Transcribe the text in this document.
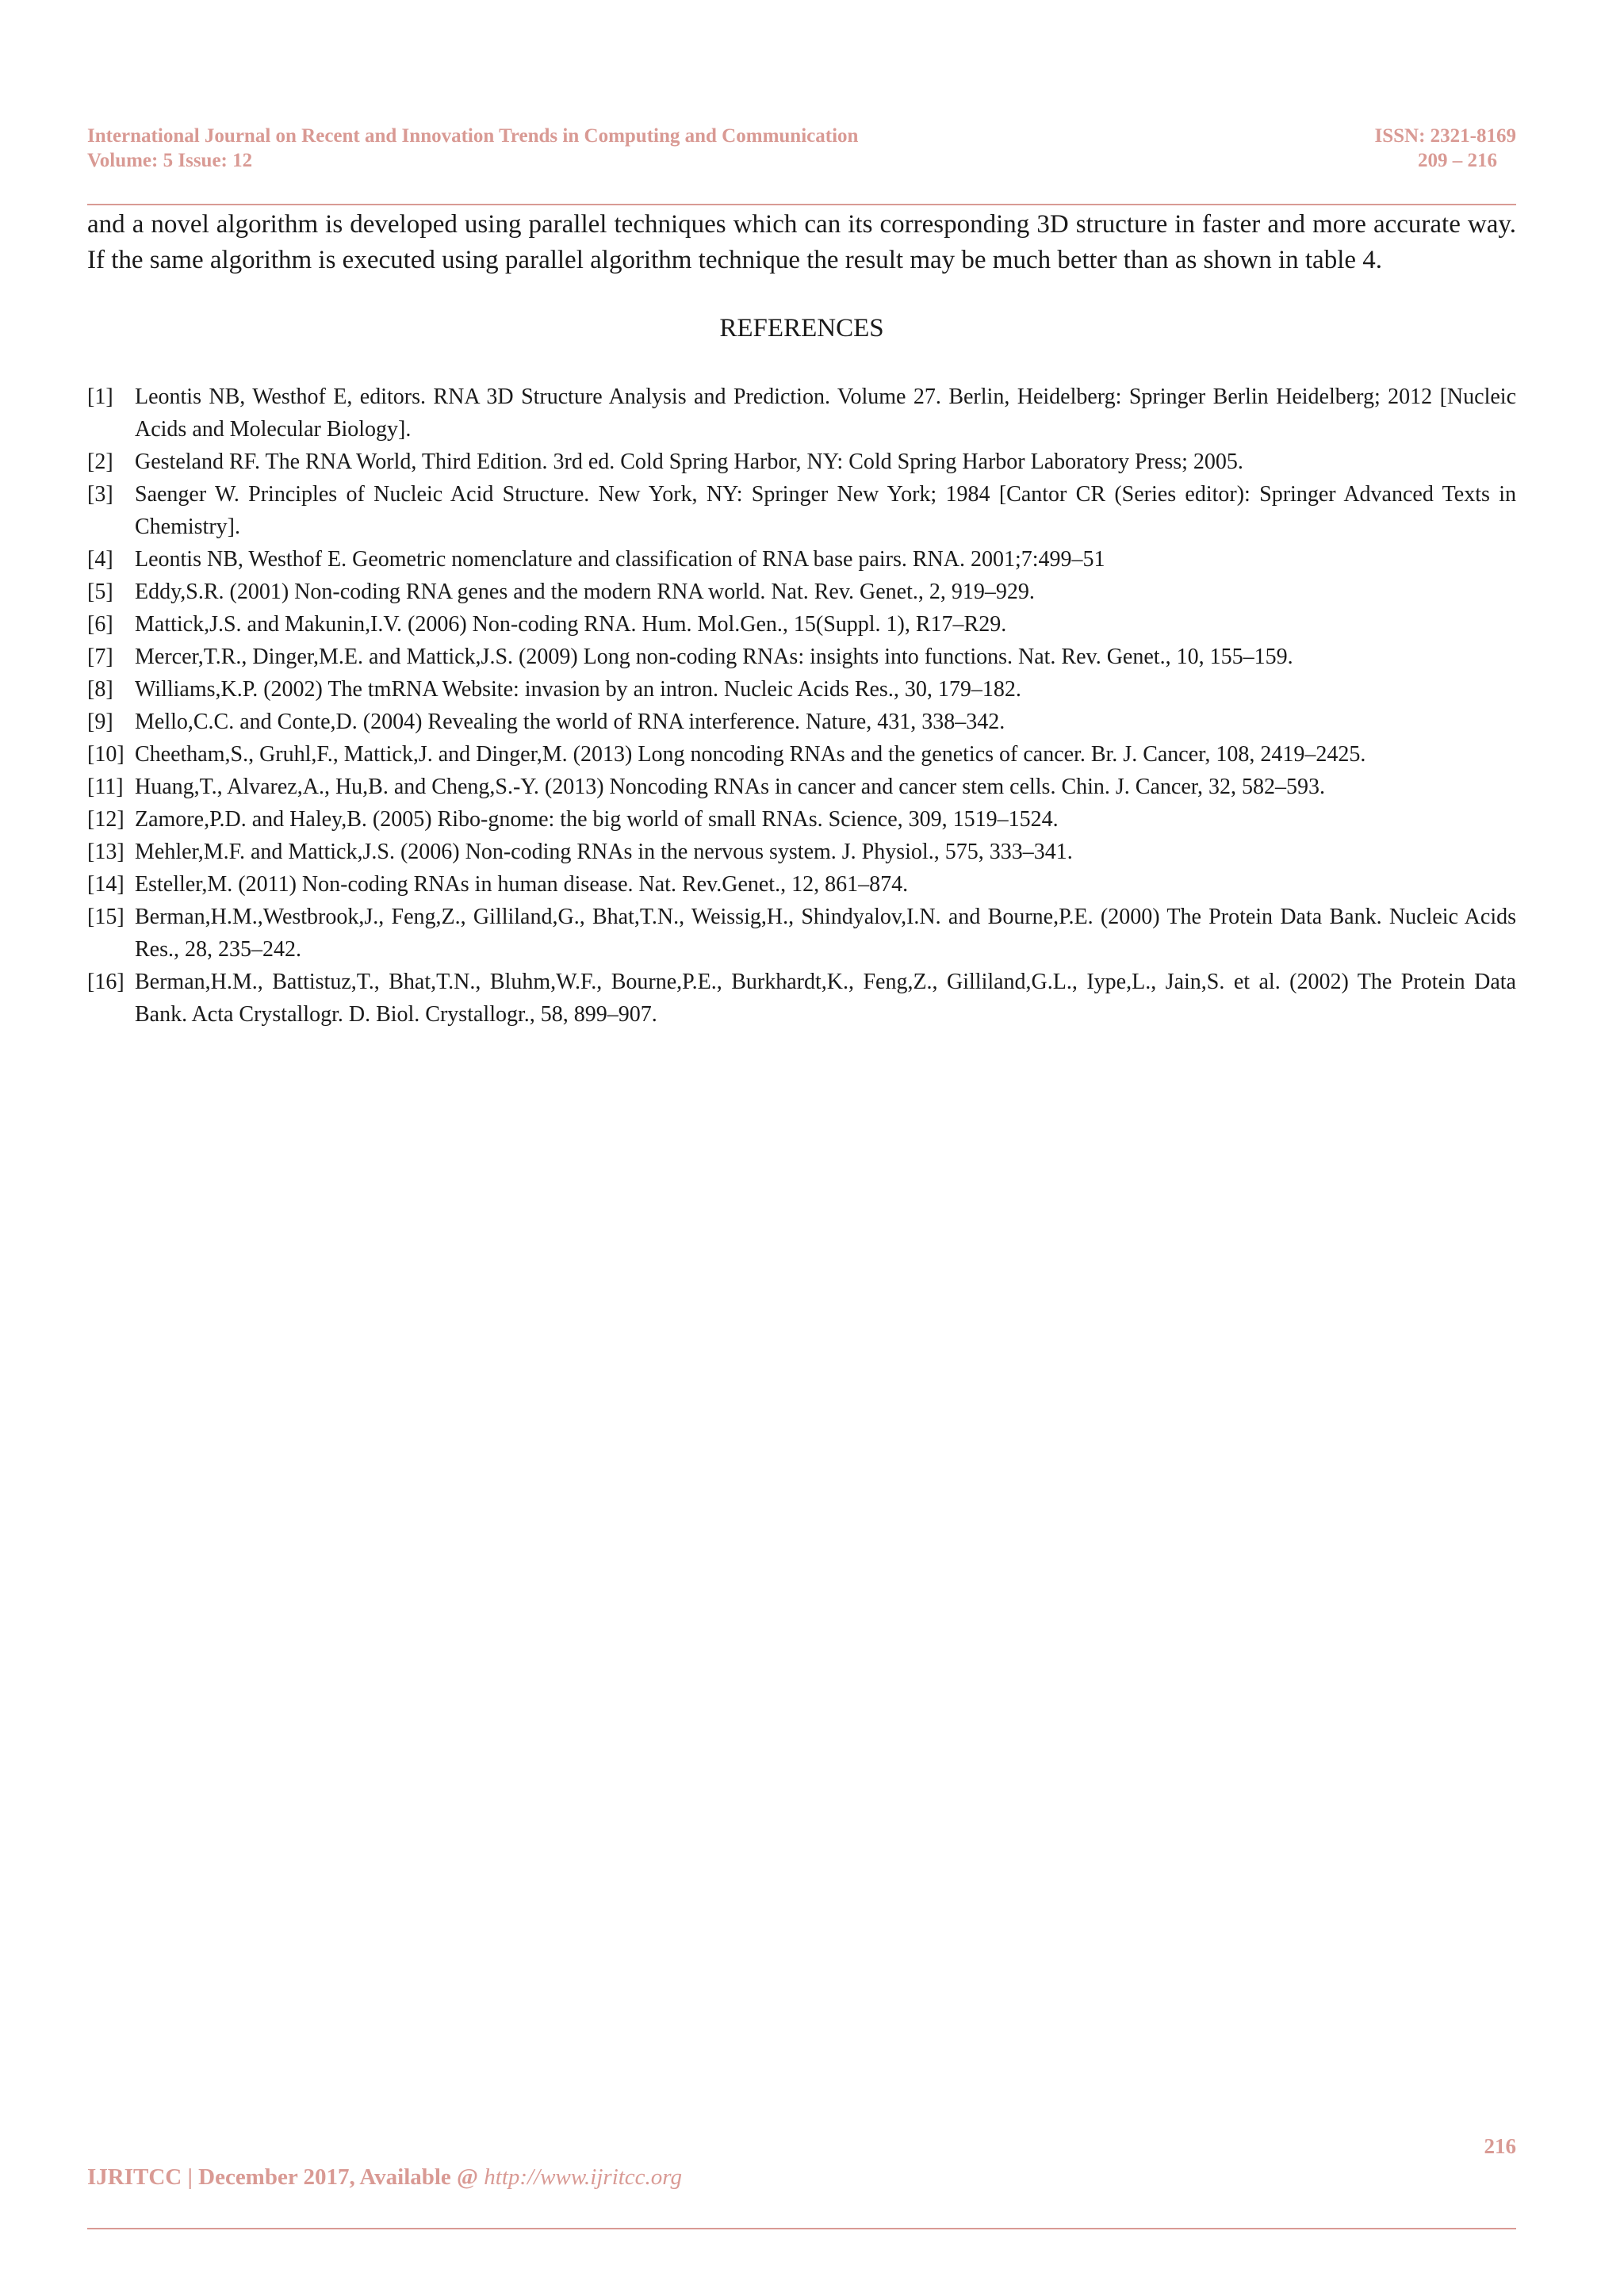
International Journal on Recent and Innovation Trends in Computing and Communication	ISSN: 2321-8169
Volume: 5 Issue: 12	209 – 216

and a novel algorithm is developed using parallel techniques which can its corresponding 3D structure in faster and more accurate way. If the same algorithm is executed using parallel algorithm technique the result may be much better than as shown in table 4.

REFERENCES
[1] Leontis NB, Westhof E, editors. RNA 3D Structure Analysis and Prediction. Volume 27. Berlin, Heidelberg: Springer Berlin Heidelberg; 2012 [Nucleic Acids and Molecular Biology].
[2] Gesteland RF. The RNA World, Third Edition. 3rd ed. Cold Spring Harbor, NY: Cold Spring Harbor Laboratory Press; 2005.
[3] Saenger W. Principles of Nucleic Acid Structure. New York, NY: Springer New York; 1984 [Cantor CR (Series editor): Springer Advanced Texts in Chemistry].
[4] Leontis NB, Westhof E. Geometric nomenclature and classification of RNA base pairs. RNA. 2001;7:499–51
[5] Eddy,S.R. (2001) Non-coding RNA genes and the modern RNA world. Nat. Rev. Genet., 2, 919–929.
[6] Mattick,J.S. and Makunin,I.V. (2006) Non-coding RNA. Hum. Mol.Gen., 15(Suppl. 1), R17–R29.
[7] Mercer,T.R., Dinger,M.E. and Mattick,J.S. (2009) Long non-coding RNAs: insights into functions. Nat. Rev. Genet., 10, 155–159.
[8] Williams,K.P. (2002) The tmRNA Website: invasion by an intron. Nucleic Acids Res., 30, 179–182.
[9] Mello,C.C. and Conte,D. (2004) Revealing the world of RNA interference. Nature, 431, 338–342.
[10] Cheetham,S., Gruhl,F., Mattick,J. and Dinger,M. (2013) Long noncoding RNAs and the genetics of cancer. Br. J. Cancer, 108, 2419–2425.
[11] Huang,T., Alvarez,A., Hu,B. and Cheng,S.-Y. (2013) Noncoding RNAs in cancer and cancer stem cells. Chin. J. Cancer, 32, 582–593.
[12] Zamore,P.D. and Haley,B. (2005) Ribo-gnome: the big world of small RNAs. Science, 309, 1519–1524.
[13] Mehler,M.F. and Mattick,J.S. (2006) Non-coding RNAs in the nervous system. J. Physiol., 575, 333–341.
[14] Esteller,M. (2011) Non-coding RNAs in human disease. Nat. Rev.Genet., 12, 861–874.
[15] Berman,H.M.,Westbrook,J., Feng,Z., Gilliland,G., Bhat,T.N., Weissig,H., Shindyalov,I.N. and Bourne,P.E. (2000) The Protein Data Bank. Nucleic Acids Res., 28, 235–242.
[16] Berman,H.M., Battistuz,T., Bhat,T.N., Bluhm,W.F., Bourne,P.E., Burkhardt,K., Feng,Z., Gilliland,G.L., Iype,L., Jain,S. et al. (2002) The Protein Data Bank. Acta Crystallogr. D. Biol. Crystallogr., 58, 899–907.
216
IJRITCC | December 2017, Available @ http://www.ijritcc.org
